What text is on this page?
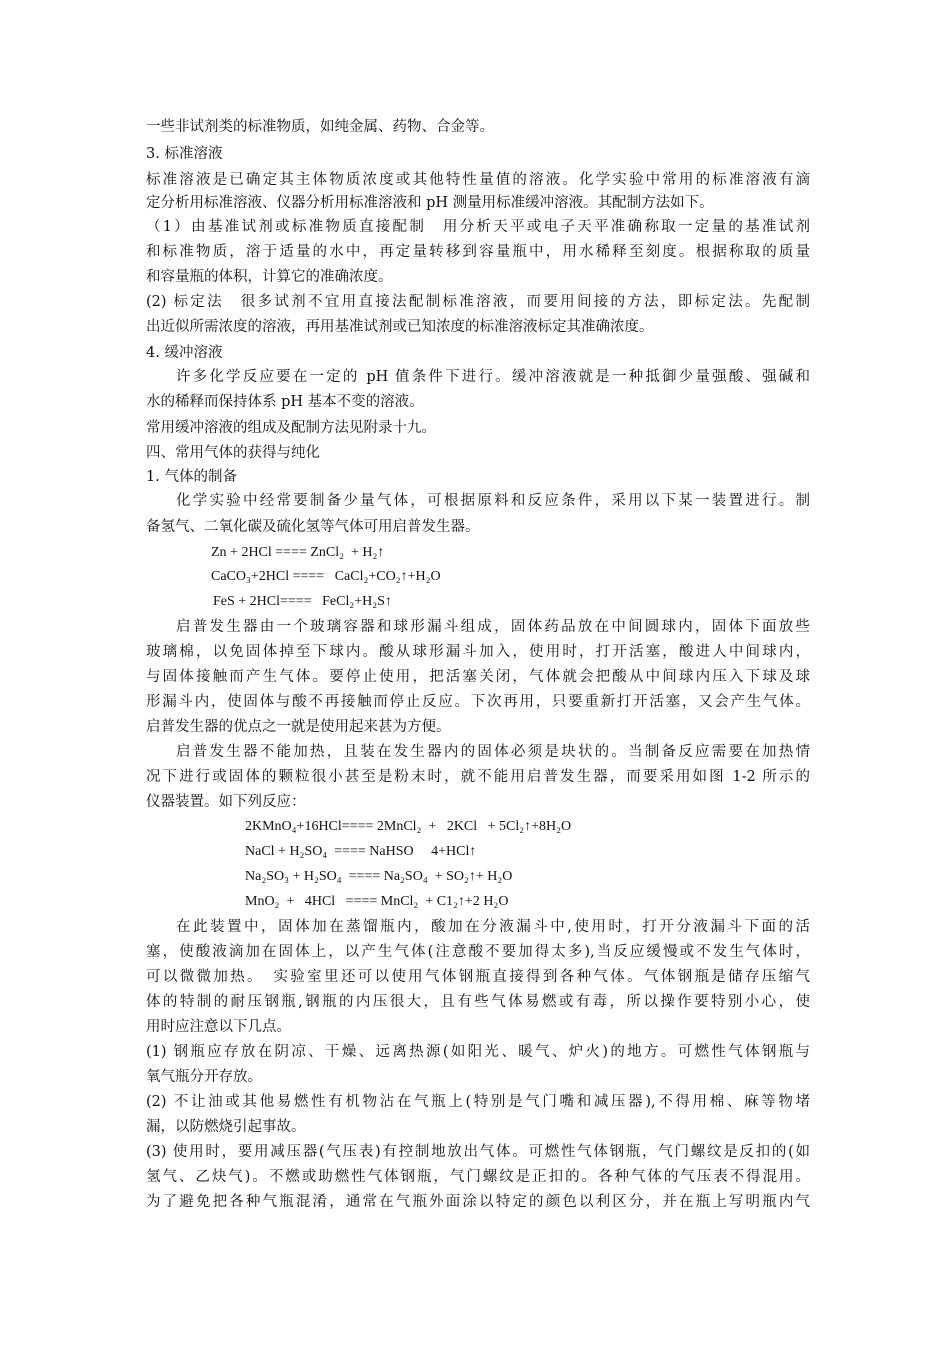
一些非试剂类的标准物质，如纯金属、药物、合金等。
3. 标准溶液
标准溶液是已确定其主体物质浓度或其他特性量值的溶液。化学实验中常用的标准溶液有滴
定分析用标准溶液、仪器分析用标准溶液和 pH 测量用标准缓冲溶液。其配制方法如下。
（1）由基准试剂或标准物质直接配制　用分析天平或电子天平准确称取一定量的基准试剂
和标准物质，溶于适量的水中，再定量转移到容量瓶中，用水稀释至刻度。根据称取的质量
和容量瓶的体积，计算它的准确浓度。
(2) 标定法　很多试剂不宜用直接法配制标准溶液，而要用间接的方法，即标定法。先配制
出近似所需浓度的溶液，再用基准试剂或已知浓度的标准溶液标定其准确浓度。
4. 缓冲溶液
许多化学反应要在一定的 pH 值条件下进行。缓冲溶液就是一种抵御少量强酸、强碱和
水的稀释而保持体系 pH 基本不变的溶液。
常用缓冲溶液的组成及配制方法见附录十九。
四、常用气体的获得与纯化
1. 气体的制备
化学实验中经常要制备少量气体，可根据原料和反应条件，采用以下某一装置进行。制
备氢气、二氧化碳及硫化氢等气体可用启普发生器。
Zn + 2HCl ==== ZnCl₂  + H₂↑
CaCO₃+2HCl ====   CaCl₂+CO₂↑+H₂O
FeS + 2HCl====   FeCl₂+H₂S↑
启普发生器由一个玻璃容器和球形漏斗组成，固体药品放在中间圆球内，固体下面放些
玻璃棉，以免固体掉至下球内。酸从球形漏斗加入，使用时，打开活塞，酸进人中间球内，
与固体接触而产生气体。要停止使用，把活塞关闭，气体就会把酸从中间球内压入下球及球
形漏斗内，使固体与酸不再接触而停止反应。下次再用，只要重新打开活塞，又会产生气体。
启普发生器的优点之一就是使用起来甚为方便。
启普发生器不能加热，且装在发生器内的固体必须是块状的。当制备反应需要在加热情
况下进行或固体的颗粒很小甚至是粉末时，就不能用启普发生器，而要采用如图 1-2 所示的
仪器装置。如下列反应：
2KMnO₄+16HCl==== 2MnCl₂  +   2KCl   + 5Cl₂↑+8H₂O
NaCl + H₂SO₄  ==== NaHSO     4+HCl↑
Na₂SO₃ + H₂SO₄  ==== Na₂SO₄  + SO₂↑+ H₂O
MnO₂  +   4HCl   ==== MnCl₂  + C1₂↑+2 H₂O
在此装置中，固体加在蒸馏瓶内，酸加在分液漏斗中,使用时，打开分液漏斗下面的活
塞，使酸液滴加在固体上，以产生气体(注意酸不要加得太多),当反应缓慢或不发生气体时，
可以微微加热。　实验室里还可以使用气体钢瓶直接得到各种气体。气体钢瓶是储存压缩气
体的特制的耐压钢瓶,钢瓶的内压很大，且有些气体易燃或有毒，所以操作要特别小心，使
用时应注意以下几点。
(1) 钢瓶应存放在阴凉、干燥、远离热源(如阳光、暖气、炉火)的地方。可燃性气体钢瓶与
氧气瓶分开存放。
(2) 不让油或其他易燃性有机物沾在气瓶上(特别是气门嘴和减压器),不得用棉、麻等物堵
漏，以防燃烧引起事故。
(3) 使用时，要用减压器(气压表)有控制地放出气体。可燃性气体钢瓶，气门螺纹是反扣的(如
氢气、乙炔气)。不燃或助燃性气体钢瓶，气门螺纹是正扣的。各种气体的气压表不得混用。
为了避免把各种气瓶混淆，通常在气瓶外面涂以特定的颜色以利区分，并在瓶上写明瓶内气
